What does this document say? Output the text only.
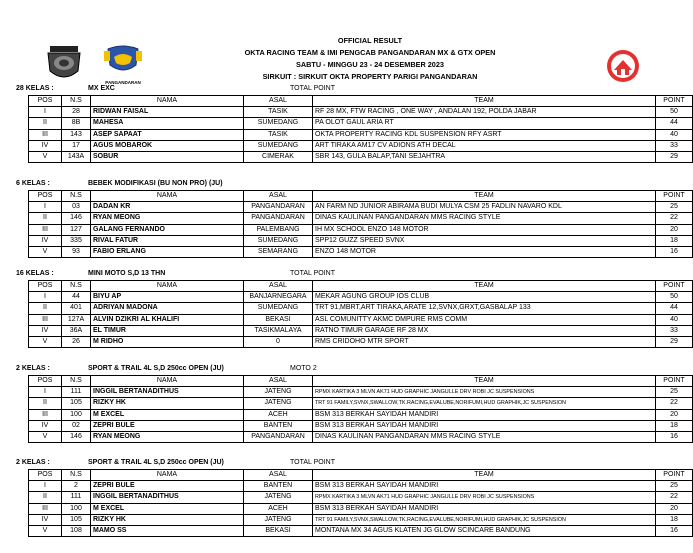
PANGANDARAN
OFFICIAL RESULT
OKTA RACING TEAM & IMI PENGCAB PANGANDARAN MX & GTX OPEN
SABTU - MINGGU 23 - 24 DESEMBER 2023
SIRKUIT : SIRKUIT OKTA PROPERTY PARIGI PANGANDARAN
28 KELAS :	MX EXC	TOTAL POINT
POS	N.S	NAMA	ASAL	TEAM	POINT
I	28	RIDWAN FAISAL	TASIK	RF 28 MX, FTW RACING , ONE WAY , ANDALAN 192, POLDA JABAR	50
II	8B	MAHESA	SUMEDANG	PA OLOT GAUL ARIA RT	44
III	143	ASEP SAPAAT	TASIK	OKTA PROPERTY RACING KDL SUSPENSION RFY ASRT	40
IV	17	AGUS MOBAROK	SUMEDANG	ART TIRAKA AM17 CV ADIONS ATH DECAL	33
V	143A	SOBUR	CIMERAK	SBR 143, GULA BALAP,TANI SEJAHTRA	29
6 KELAS :	BEBEK MODIFIKASI (BU NON PRO) (JU)
POS	N.S	NAMA	ASAL	TEAM	POINT
I	03	DADAN KR	PANGANDARAN	AN FARM ND JUNIOR ABIRAMA BUDI MULYA CSM 25 FADLIN NAVARO KDL	25
II	146	RYAN MEONG	PANGANDARAN	DINAS KAULINAN PANGANDARAN MMS RACING STYLE	22
III	127	GALANG FERNANDO	PALEMBANG	IH MX SCHOOL ENZO 148 MOTOR	20
IV	335	RIVAL FATUR	SUMEDANG	SPP12 GUZZ SPEED SVNX	18
V	93	FABIO ERLANG	SEMARANG	ENZO 148 MOTOR	16
16 KELAS :	MINI MOTO S,D 13 THN	TOTAL POINT
POS	N.S	NAMA	ASAL	TEAM	POINT
I	44	BIYU AP	BANJARNEGARA	MEKAR AGUNG GROUP IOS CLUB	50
II	401	ADRIYAN MADONA	SUMEDANG	TRT 91,MBRT,ART TIRAKA,ARATE 12,SVNX,GRXT,GASBALAP 133	44
III	127A	ALVIN DZIKRI AL KHALIFI	BEKASI	ASL COMUNITTY AKMC DMPURE RMS COMM	40
IV	36A	EL TIMUR	TASIKMALAYA	RATNO TIMUR GARAGE RF 28 MX	33
V	26	M RIDHO	0	RMS CRIDOHO MTR SPORT	29
2 KELAS :	SPORT & TRAIL 4L S,D 250cc OPEN (JU)	MOTO 2
POS	N.S	NAMA	ASAL	TEAM	POINT
I	111	INGGIL BERTANADITHUS	JATENG	RPMX KARTIKA 3 MLVN AK71 HUD GRAPHIC JANGULLE DRV ROBI JC SUSPENSIONS	25
II	105	RIZKY HK	JATENG	TRT 91 FAMILY,SVNX,SWALLOW,TK.RACING,EVALUBE,NORIFUMI,HUD GRAPHIK,JC SUSPENSION	22
III	100	M EXCEL	ACEH	BSM 313 BERKAH SAYIDAH MANDIRI	20
IV	02	ZEPRI BULE	BANTEN	BSM 313 BERKAH SAYIDAH MANDIRI	18
V	146	RYAN MEONG	PANGANDARAN	DINAS KAULINAN PANGANDARAN MMS RACING STYLE	16
2 KELAS :	SPORT & TRAIL 4L S,D 250cc OPEN (JU)	TOTAL POINT
POS	N.S	NAMA	ASAL	TEAM	POINT
I	2	ZEPRI BULE	BANTEN	BSM 313 BERKAH SAYIDAH MANDIRI	25
II	111	INGGIL BERTANADITHUS	JATENG	RPMX KARTIKA 3 MLVN AK71 HUD GRAPHIC JANGULLE DRV ROBI JC SUSPENSIONS	22
III	100	M EXCEL	ACEH	BSM 313 BERKAH SAYIDAH MANDIRI	20
IV	105	RIZKY HK	JATENG	TRT 91 FAMILY,SVNX,SWALLOW,TK.RACING,EVALUBE,NORIFUMI,HUD GRAPHIK,JC SUSPENSION	18
V	108	MAMO SS	BEKASI	MONTANA MX 34 AGUS KLATEN JG GLOW SCINCARE BANDUNG	16
